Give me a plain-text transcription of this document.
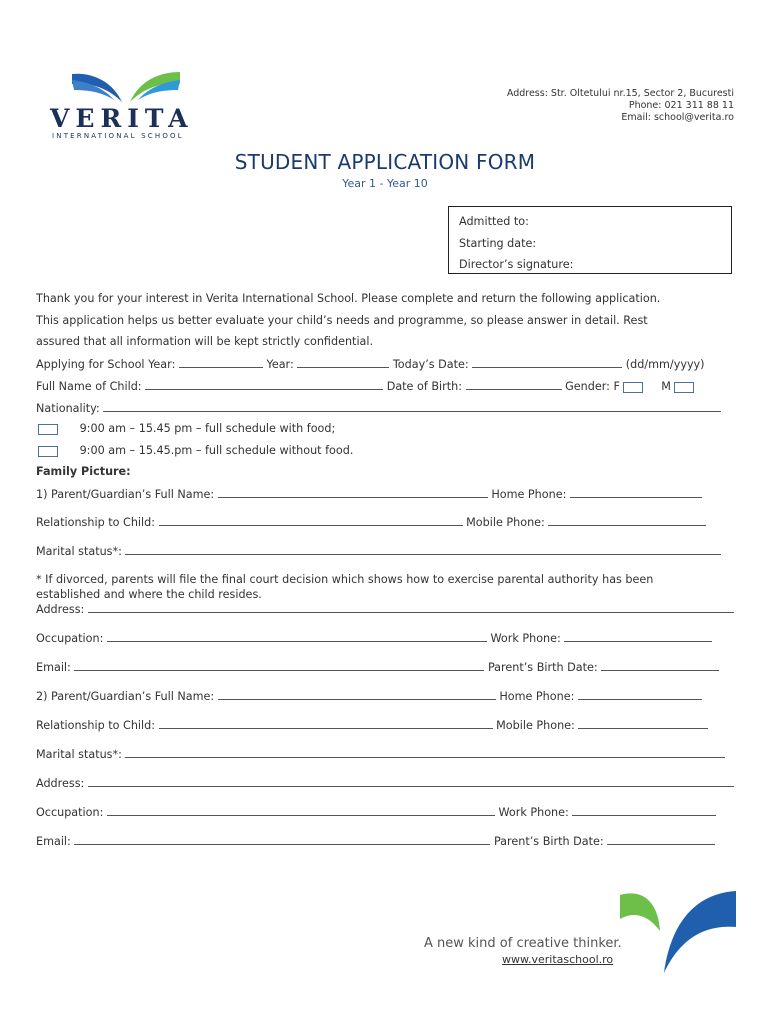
VERITA
INTERNATIONAL SCHOOL
Address: Str. Oltetului nr.15, Sector 2, Bucuresti
Phone: 021 311 88 11
Email: school@verita.ro
STUDENT APPLICATION FORM
Year 1 - Year 10
Admitted to:
Starting date:
Director’s signature:
Thank you for your interest in Verita International School. Please complete and return the following application.
This application helps us better evaluate your child’s needs and programme, so please answer in detail. Rest
assured that all information will be kept strictly confidential.
Applying for School Year:	Year:	Today’s Date:	(dd/mm/yyyy)
Full Name of Child:	Date of Birth:	Gender: F	M
Nationality:
9:00 am – 15.45 pm – full schedule with food;
9:00 am – 15.45.pm – full schedule without food.
Family Picture:
1) Parent/Guardian’s Full Name:	Home Phone:
Relationship to Child:	Mobile Phone:
Marital status*:
* If divorced, parents will file the final court decision which shows how to exercise parental authority has been
established and where the child resides.
Address:
Occupation:	Work Phone:
Email:	Parent’s Birth Date:
2) Parent/Guardian’s Full Name:	Home Phone:
Relationship to Child:	Mobile Phone:
Marital status*:
Address:
Occupation:	Work Phone:
Email:	Parent’s Birth Date:
A new kind of creative thinker.
www.veritaschool.ro
